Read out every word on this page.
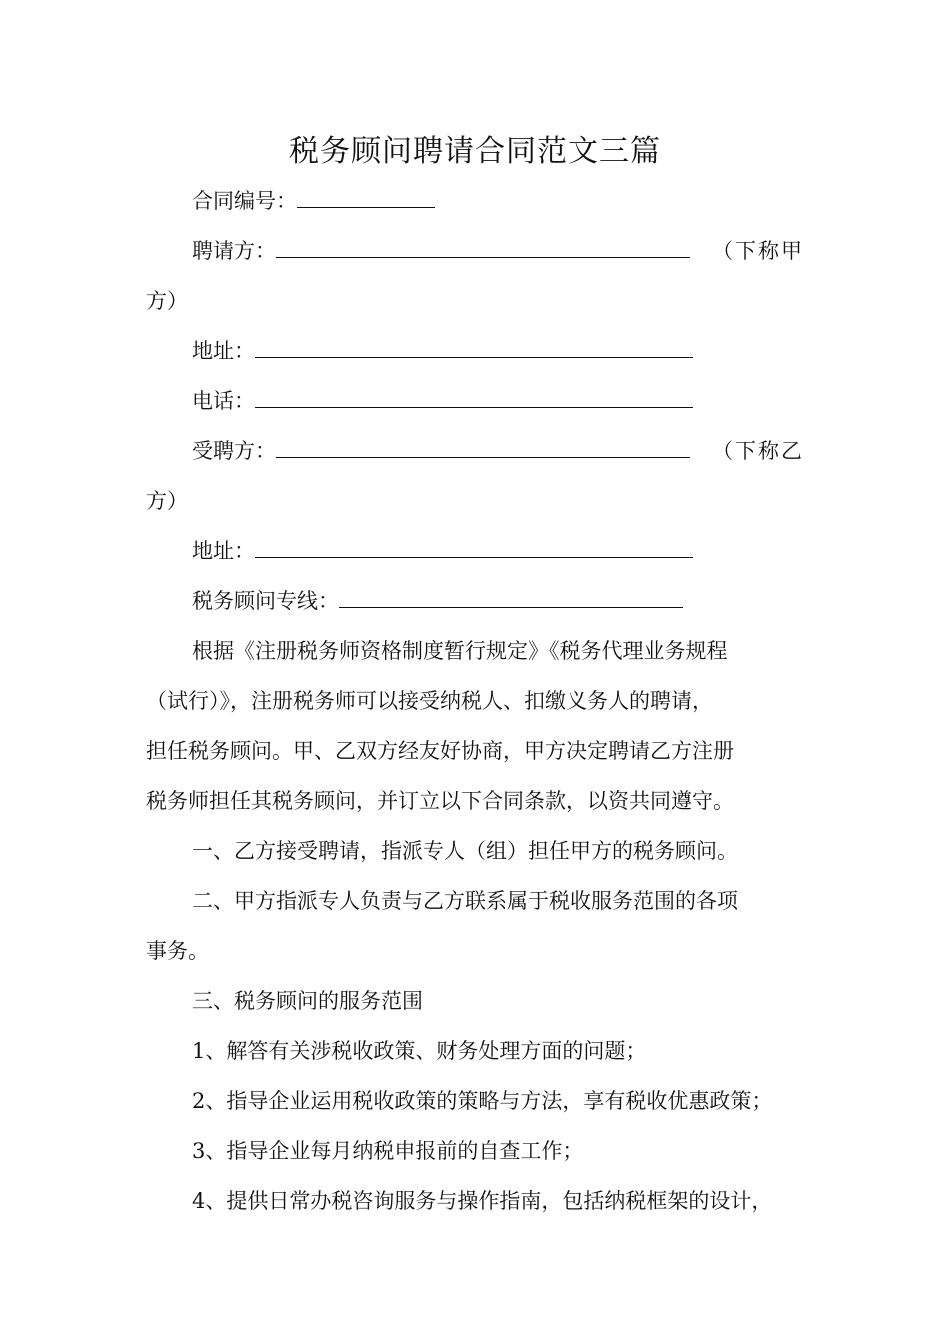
税务顾问聘请合同范文三篇
合同编号：
聘请方：	（下称甲
方）
地址：
电话：
受聘方：	（下称乙
方）
地址：
税务顾问专线：
根据《注册税务师资格制度暂行规定》《税务代理业务规程
（试行）》，注册税务师可以接受纳税人、扣缴义务人的聘请，
担任税务顾问。甲、乙双方经友好协商，甲方决定聘请乙方注册
税务师担任其税务顾问，并订立以下合同条款，以资共同遵守。
一、乙方接受聘请，指派专人（组）担任甲方的税务顾问。
二、甲方指派专人负责与乙方联系属于税收服务范围的各项
事务。
三、税务顾问的服务范围
1、解答有关涉税收政策、财务处理方面的问题；
2、指导企业运用税收政策的策略与方法，享有税收优惠政策；
3、指导企业每月纳税申报前的自查工作；
4、提供日常办税咨询服务与操作指南，包括纳税框架的设计，
